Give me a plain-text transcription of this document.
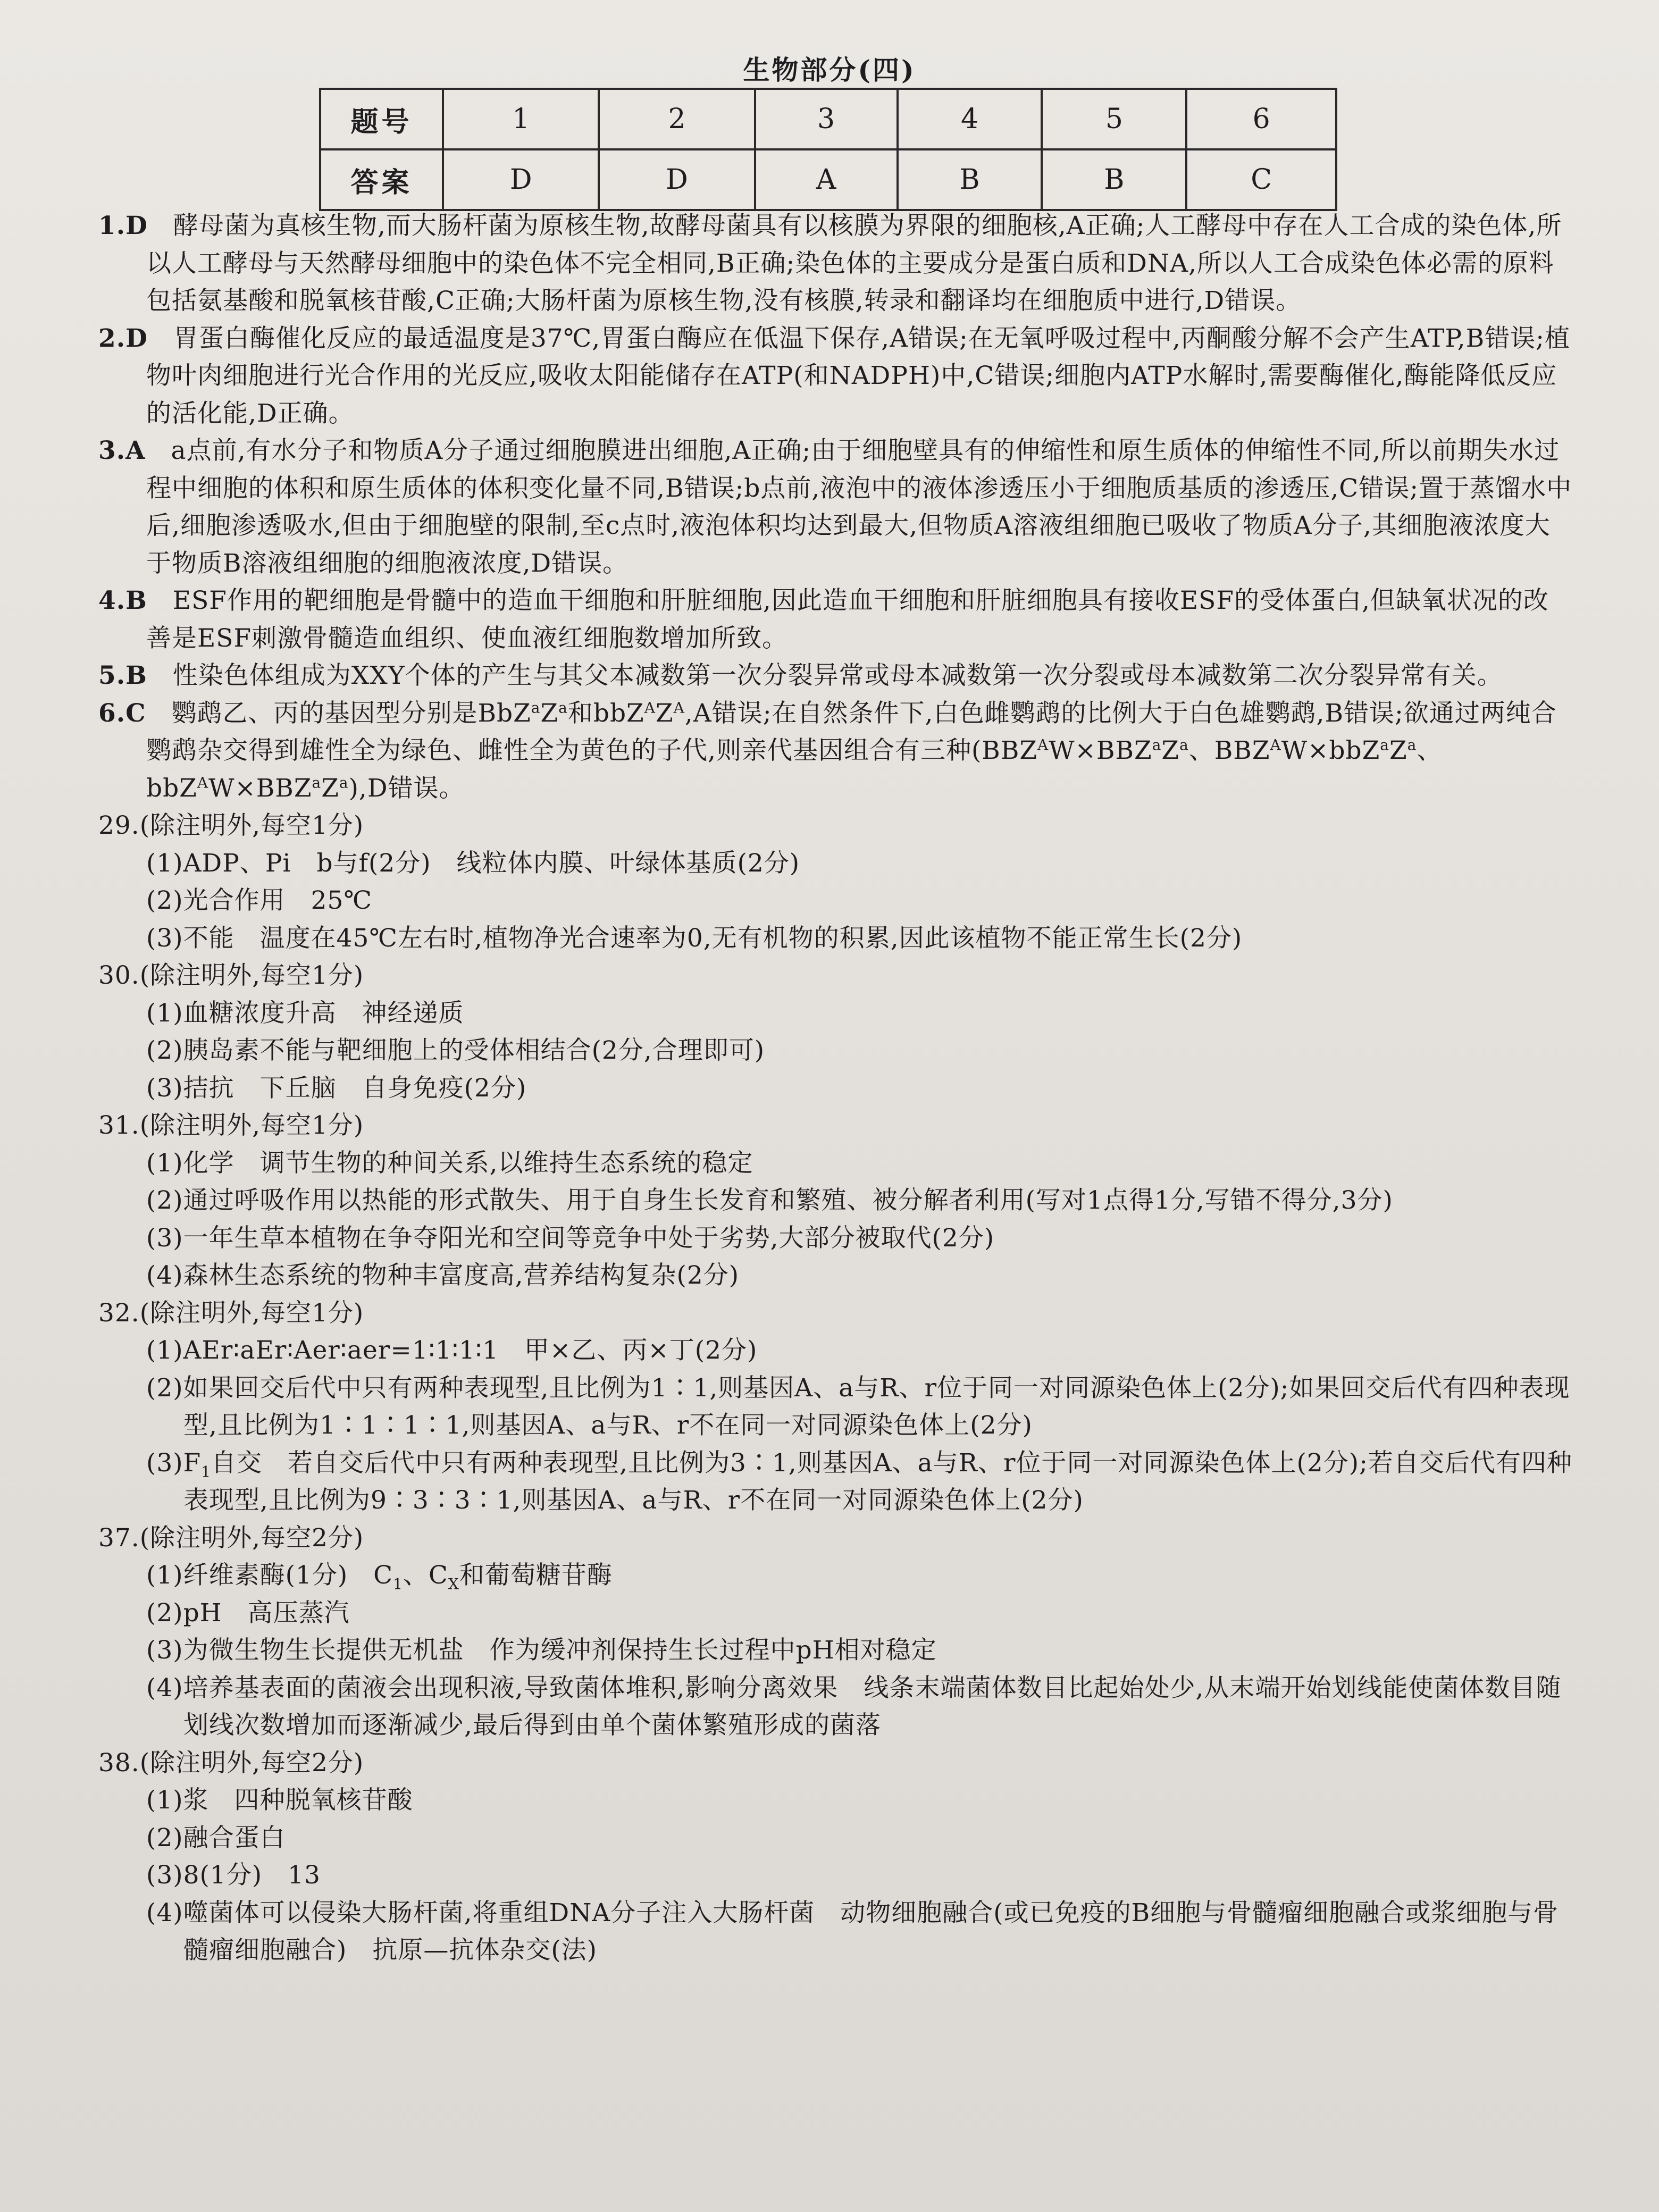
生物部分(四)
题号	1	2	3	4	5	6
答案	D	D	A	B	B	C

1.D　 酵母菌为真核生物,而大肠杆菌为原核生物,故酵母菌具有以核膜为界限的细胞核,A正确;人工酵母中存在人工合成的染色体,所以人工酵母与天然酵母细胞中的染色体不完全相同,B正确;染色体的主要成分是蛋白质和DNA,所以人工合成染色体必需的原料包括氨基酸和脱氧核苷酸,C正确;大肠杆菌为原核生物,没有核膜,转录和翻译均在细胞质中进行,D错误。

2.D　 胃蛋白酶催化反应的最适温度是37℃,胃蛋白酶应在低温下保存,A错误;在无氧呼吸过程中,丙酮酸分解不会产生ATP,B错误;植物叶肉细胞进行光合作用的光反应,吸收太阳能储存在ATP(和NADPH)中,C错误;细胞内ATP水解时,需要酶催化,酶能降低反应的活化能,D正确。

3.A　 a点前,有水分子和物质A分子通过细胞膜进出细胞,A正确;由于细胞壁具有的伸缩性和原生质体的伸缩性不同,所以前期失水过程中细胞的体积和原生质体的体积变化量不同,B错误;b点前,液泡中的液体渗透压小于细胞质基质的渗透压,C错误;置于蒸馏水中后,细胞渗透吸水,但由于细胞壁的限制,至c点时,液泡体积均达到最大,但物质A溶液组细胞已吸收了物质A分子,其细胞液浓度大于物质B溶液组细胞的细胞液浓度,D错误。

4.B　 ESF作用的靶细胞是骨髓中的造血干细胞和肝脏细胞,因此造血干细胞和肝脏细胞具有接收ESF的受体蛋白,但缺氧状况的改善是ESF刺激骨髓造血组织、使血液红细胞数增加所致。

5.B　 性染色体组成为XXY个体的产生与其父本减数第一次分裂异常或母本减数第一次分裂或母本减数第二次分裂异常有关。

6.C　 鹦鹉乙、丙的基因型分别是$BbZ^aZ^a$和$bbZ^AZ^A,A$错误;在自然条件下,白色雌鹦鹉的比例大于白色雄鹦鹉,B错误;欲通过两纯合鹦鹉杂交得到雄性全为绿色、雌性全为黄色的子代,则亲代基因组合有三种($BBZ^AW\times BBZ^aZ^a$、$BBZ^AW\times bbZ^aZ^a$、$bbZ^AW\times BBZ^aZ^a),D$错误。

29.(除注明外,每空1分)

(1)ADP、Pi　b与f(2分)　线粒体内膜、叶绿体基质(2分)

(2)光合作用　25℃

(3)不能　温度在45℃左右时,植物净光合速率为0,无有机物的积累,因此该植物不能正常生长(2分)

30.(除注明外,每空1分)

(1)血糖浓度升高　神经递质

(2)胰岛素不能与靶细胞上的受体相结合(2分,合理即可)

(3)拮抗　下丘脑　自身免疫(2分)

31.(除注明外,每空1分)

(1)化学　调节生物的种间关系,以维持生态系统的稳定

(2)通过呼吸作用以热能的形式散失、用于自身生长发育和繁殖、被分解者利用(写对1点得1分,写错不得分,3分)

(3)一年生草本植物在争夺阳光和空间等竞争中处于劣势,大部分被取代(2分)

(4)森林生态系统的物种丰富度高,营养结构复杂(2分)

32.(除注明外,每空1分)

(1)AEr∶aEr∶Aer∶aer=1∶1∶1∶1　甲×乙、丙×丁(2分)

(2)如果回交后代中只有两种表现型,且比例为1∶1,则基因A、a与R、r位于同一对同源染色体上(2分);如果回交后代有四种表现型,且比例为1∶1∶1∶1,则基因A、a与R、r不在同一对同源染色体上(2分)

$(3)F_1$自交　若自交后代中只有两种表现型,且比例为3∶1,则基因A、a与R、r位于同一对同源染色体上(2分);若自交后代有四种表现型,且比例为9∶3∶3∶1,则基因A、a与R、r不在同一对同源染色体上(2分)

37.(除注明外,每空2分)

(1)纤维素酶(1分)　$C_1$、$C_X$和葡萄糖苷酶

(2)pH　高压蒸汽

(3)为微生物生长提供无机盐　作为缓冲剂保持生长过程中pH相对稳定

(4)培养基表面的菌液会出现积液,导致菌体堆积,影响分离效果　线条末端菌体数目比起始处少,从末端开始划线能使菌体数目随划线次数增加而逐渐减少,最后得到由单个菌体繁殖形成的菌落

38.(除注明外,每空2分)

(1)浆　四种脱氧核苷酸

(2)融合蛋白

(3)8(1分)　13

(4)噬菌体可以侵染大肠杆菌,将重组DNA分子注入大肠杆菌　动物细胞融合(或已免疫的B细胞与骨髓瘤细胞融合或浆细胞与骨髓瘤细胞融合)　抗原—抗体杂交(法)
